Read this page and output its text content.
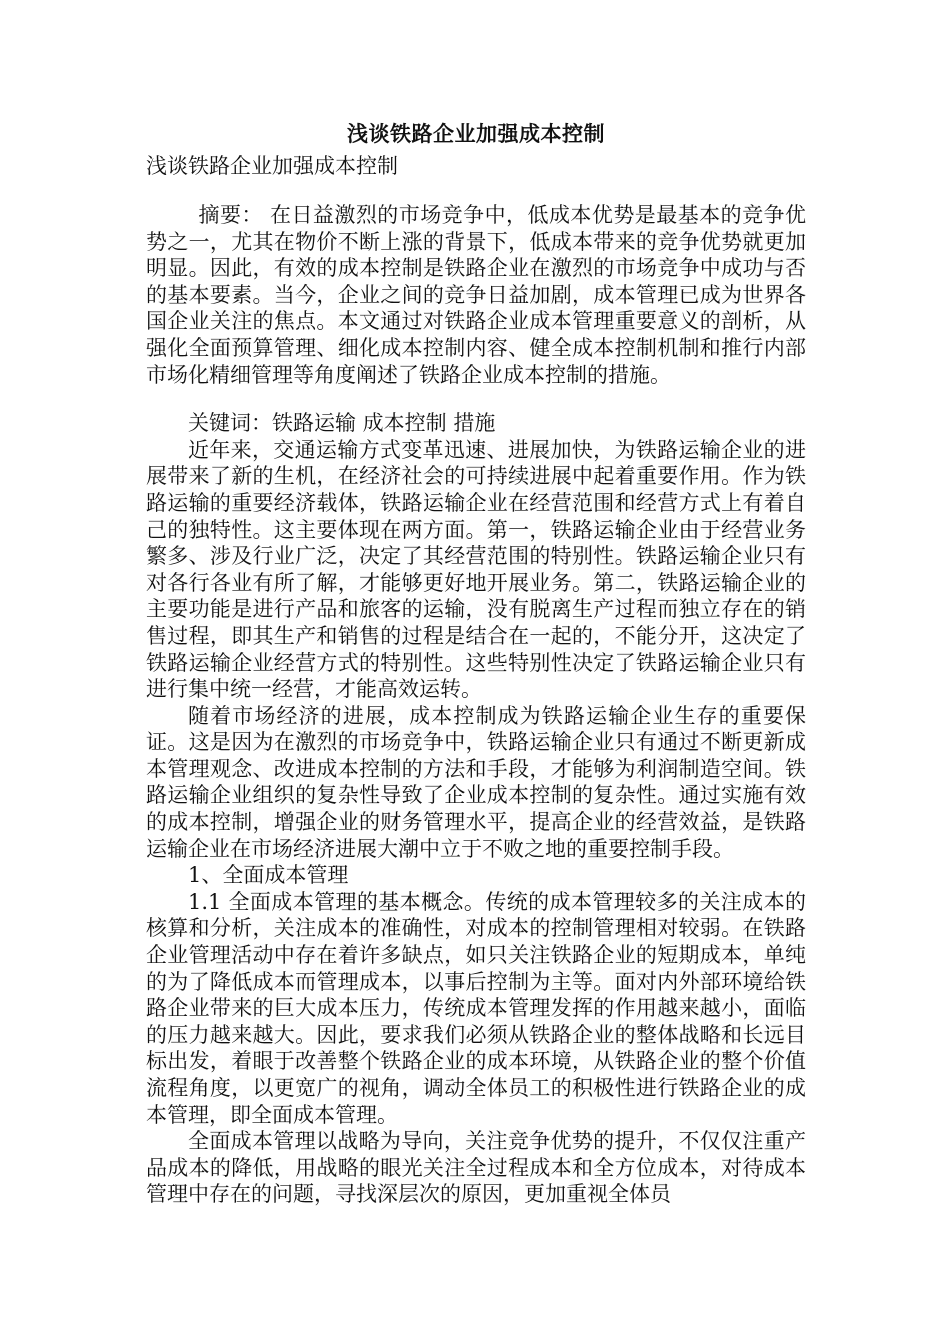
浅谈铁路企业加强成本控制

浅谈铁路企业加强成本控制

摘要： 在日益激烈的市场竞争中，低成本优势是最基本的竞争优势之一，尤其在物价不断上涨的背景下，低成本带来的竞争优势就更加明显。因此，有效的成本控制是铁路企业在激烈的市场竞争中成功与否的基本要素。当今，企业之间的竞争日益加剧，成本管理已成为世界各国企业关注的焦点。本文通过对铁路企业成本管理重要意义的剖析，从强化全面预算管理、细化成本控制内容、健全成本控制机制和推行内部市场化精细管理等角度阐述了铁路企业成本控制的措施。

关键词：铁路运输 成本控制 措施

近年来，交通运输方式变革迅速、进展加快，为铁路运输企业的进展带来了新的生机，在经济社会的可持续进展中起着重要作用。作为铁路运输的重要经济载体，铁路运输企业在经营范围和经营方式上有着自己的独特性。这主要体现在两方面。第一，铁路运输企业由于经营业务繁多、涉及行业广泛，决定了其经营范围的特别性。铁路运输企业只有对各行各业有所了解，才能够更好地开展业务。第二，铁路运输企业的主要功能是进行产品和旅客的运输，没有脱离生产过程而独立存在的销售过程，即其生产和销售的过程是结合在一起的，不能分开，这决定了铁路运输企业经营方式的特别性。这些特别性决定了铁路运输企业只有进行集中统一经营，才能高效运转。

随着市场经济的进展，成本控制成为铁路运输企业生存的重要保证。这是因为在激烈的市场竞争中，铁路运输企业只有通过不断更新成本管理观念、改进成本控制的方法和手段，才能够为利润制造空间。铁路运输企业组织的复杂性导致了企业成本控制的复杂性。通过实施有效的成本控制，增强企业的财务管理水平，提高企业的经营效益，是铁路运输企业在市场经济进展大潮中立于不败之地的重要控制手段。

1、全面成本管理

1.1 全面成本管理的基本概念。传统的成本管理较多的关注成本的核算和分析，关注成本的准确性，对成本的控制管理相对较弱。在铁路企业管理活动中存在着许多缺点，如只关注铁路企业的短期成本，单纯的为了降低成本而管理成本，以事后控制为主等。面对内外部环境给铁路企业带来的巨大成本压力，传统成本管理发挥的作用越来越小，面临的压力越来越大。因此，要求我们必须从铁路企业的整体战略和长远目标出发，着眼于改善整个铁路企业的成本环境，从铁路企业的整个价值流程角度，以更宽广的视角，调动全体员工的积极性进行铁路企业的成本管理，即全面成本管理。

全面成本管理以战略为导向，关注竞争优势的提升，不仅仅注重产品成本的降低，用战略的眼光关注全过程成本和全方位成本，对待成本管理中存在的问题，寻找深层次的原因，更加重视全体员
